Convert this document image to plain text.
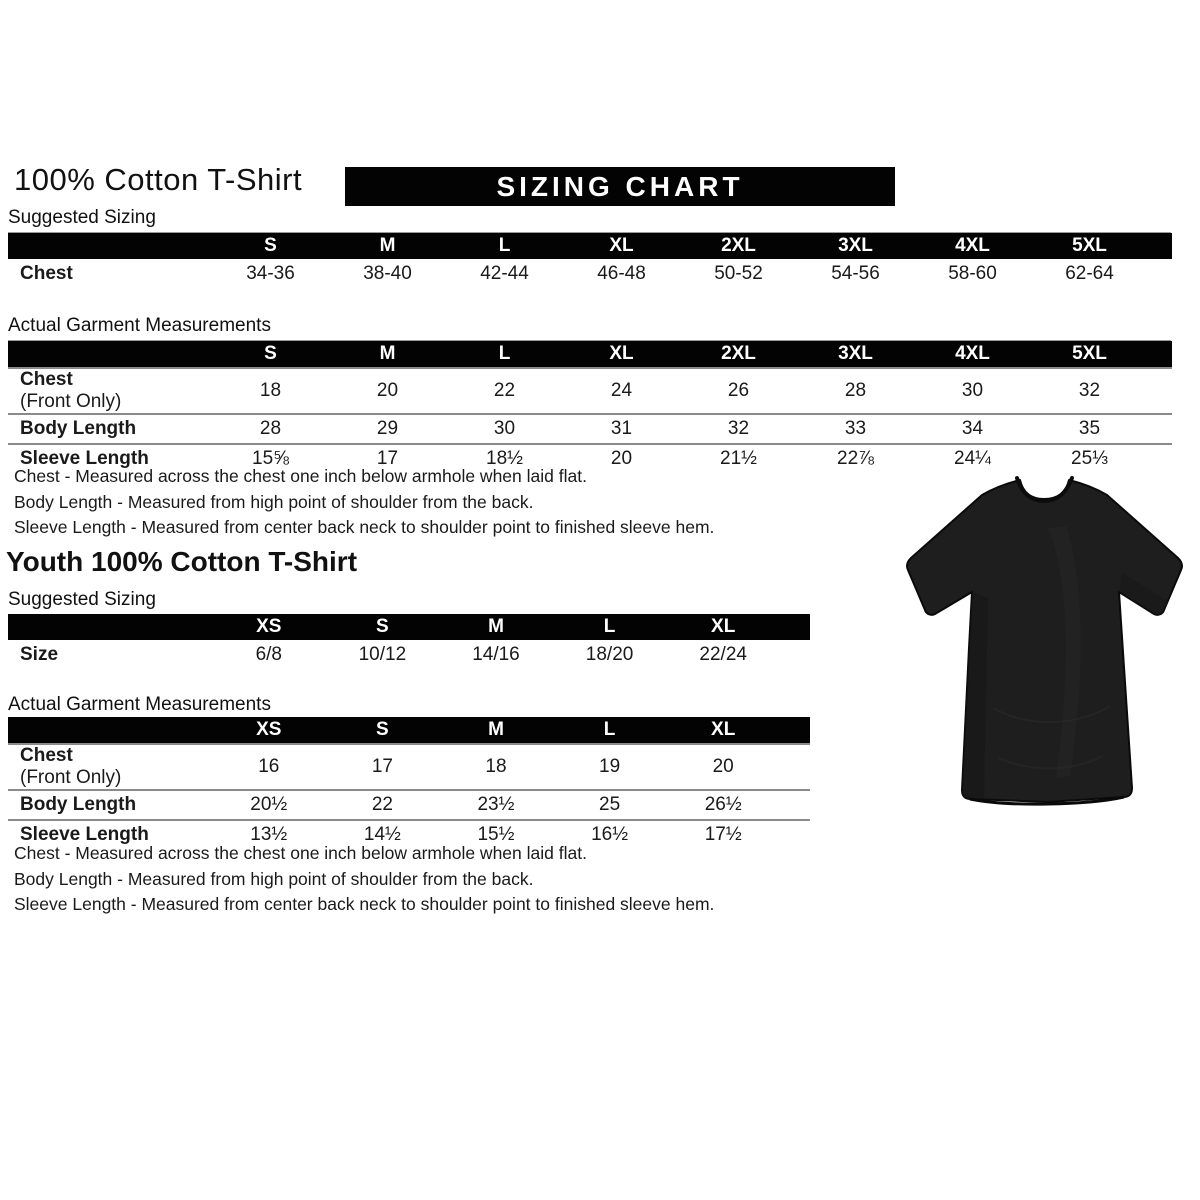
100% Cotton T-Shirt	SIZING CHART
Suggested Sizing
	S	M	L	XL	2XL	3XL	4XL	5XL	

Chest	34-36	38-40	42-44	46-48	50-52	54-56	58-60	62-64	
Actual Garment Measurements
	S	M	L	XL	2XL	3XL	4XL	5XL	

Chest
(Front Only)
	18	20	22	24	26	28	30	32	

Body Length	28	29	30	31	32	33	34	35	

Sleeve Length	15⅝	17	18½	20	21½	22⅞	24¼	25⅓	
Chest - Measured across the chest one inch below armhole when laid flat.
Body Length - Measured from high point of shoulder from the back.
Sleeve Length - Measured from center back neck to shoulder point to finished sleeve hem.
Youth 100% Cotton T-Shirt
Suggested Sizing
	XS	S	M	L	XL	

Size	6/8	10/12	14/16	18/20	22/24	
Actual Garment Measurements
	XS	S	M	L	XL	

Chest
(Front Only)
	16	17	18	19	20	

Body Length	20½	22	23½	25	26½	

Sleeve Length	13½	14½	15½	16½	17½	
Chest - Measured across the chest one inch below armhole when laid flat.
Body Length - Measured from high point of shoulder from the back.
Sleeve Length - Measured from center back neck to shoulder point to finished sleeve hem.
